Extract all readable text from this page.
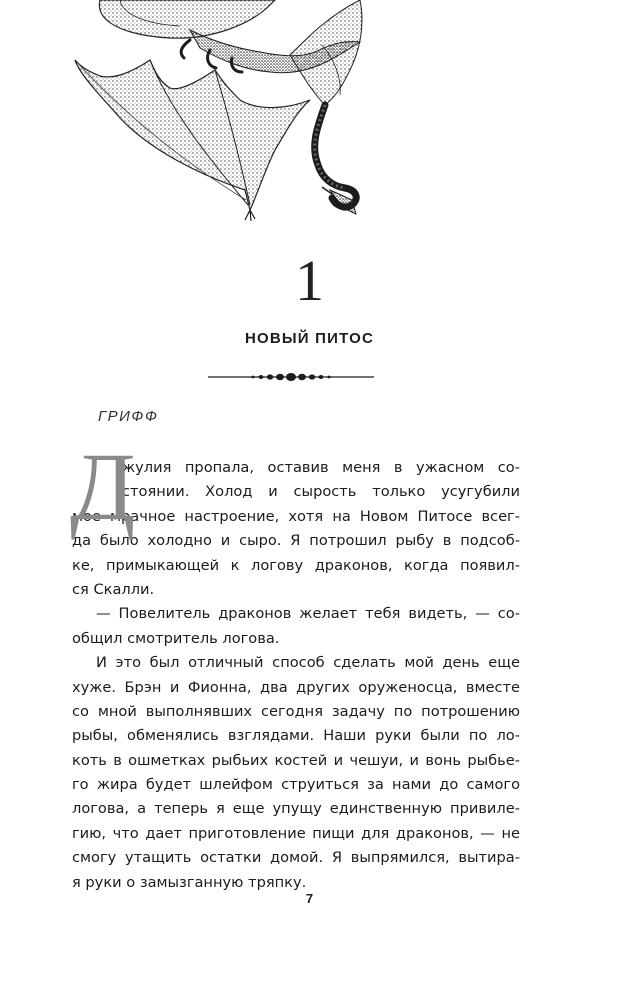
1
НОВЫЙ ПИТОС
ГРИФФ
Д
жулия пропала, оставив меня в ужасном со-
стоянии. Холод и сырость только усугубили
мое мрачное настроение, хотя на Новом Питосе всег-
да было холодно и сыро. Я потрошил рыбу в подсоб-
ке, примыкающей к логову драконов, когда появил-
ся Скалли.
— Повелитель драконов желает тебя видеть, — со-
общил смотритель логова.
И это был отличный способ сделать мой день еще
хуже. Брэн и Фионна, два других оруженосца, вместе
со мной выполнявших сегодня задачу по потрошению
рыбы, обменялись взглядами. Наши руки были по ло-
коть в ошметках рыбьих костей и чешуи, и вонь рыбье-
го жира будет шлейфом струиться за нами до самого
логова, а теперь я еще упущу единственную привиле-
гию, что дает приготовление пищи для драконов, — не
смогу утащить остатки домой. Я выпрямился, вытира-
я руки о замызганную тряпку.
7
